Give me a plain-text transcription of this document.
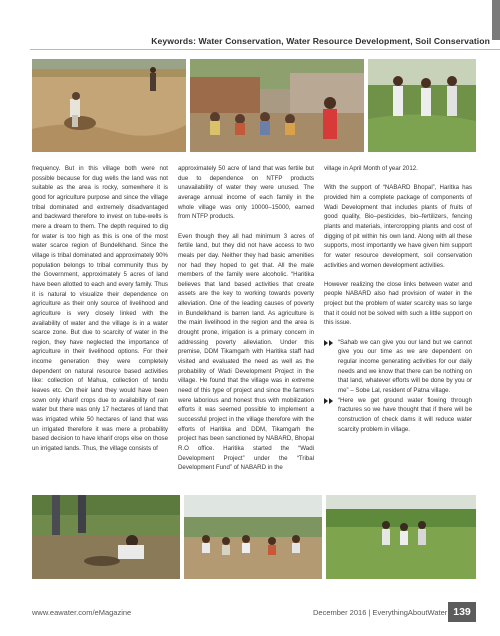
Keywords: Water Conservation, Water Resource Development, Soil Conservation

frequency. But in this village both were not possible because for dug wells the land was not suitable as the area is rocky, somewhere it is good for agriculture purpose and since the village tribal dominated and extremely disadvantaged and backward therefore to invest on tube-wells is mere a dream to them. The depth required to dig for water is too high as this is one of the most water scarce region of Bundelkhand. Since the village is tribal dominated and approximately 90% population belongs to tribal community thus by the Government, approximately 5 acres of land have been allotted to each and every family. Thus it is natural to visualize their dependence on agriculture as their only source of livelihood and agriculture is very closely linked with the availability of water and the village is in a water scarce zone. But due to scarcity of water in the region, they have neglected the importance of agriculture in their livelihood options. For their income generation they were completely dependent on natural resource based activities like: collection of Mahua, collection of tendu leaves etc. On their land they would have been sown only kharif crops due to availability of rain water but there was only 17 hectares of land that was irrigated while 50 hectares of land that was un irrigated therefore it was mere a probability based decision to have kharif crops else on those un irrigated lands. Thus, the village consists of

approximately 50 acre of land that was fertile but due to dependence on NTFP products unavailability of water they were unused. The average annual income of each family in the whole village was only 10000–15000, earned from NTFP products.

Even though they all had minimum 3 acres of fertile land, but they did not have access to two meals per day. Neither they had basic amenities nor had they hoped to get that. All the male members of the family were alcoholic. “Haritika believes that land based activities that create assets are the key to working towards poverty alleviation. One of the leading causes of poverty in Bundelkhand is barren land. As agriculture is the main livelihood in the region and the area is drought prone, irrigation is a primary concern in addressing poverty alleviation. Under this premise, DDM Tikamgarh with Haritika staff had visited and evaluated the need as well as the probability of Wadi Development Project in the village. He found that the village was in extreme need of this type of project and since the farmers were laborious and honest thus with mobilization efforts it was seemed possible to implement a successful project in the village therefore with the efforts of Haritika and DDM, Tikamgarh the project has been sanctioned by NABARD, Bhopal R.O office. Haritika started the “Wadi Development Project” under the “Tribal Development Fund” of NABARD in the

village in April Month of year 2012.

With the support of “NABARD Bhopal”, Haritka has provided him a complete package of components of Wadi Development that includes plants of fruits of good quality, Bio–pesticides, bio–fertilizers, fencing plants and materials, intercropping plants and cost of digging of pit within his own land. Along with all these supports, most importantly we have given him support for water resource development, soil conservation activities and women development activities.

However realizing the close links between water and people NABARD also had provision of water in the project but the problem of water scarcity was so large that it could not be solved with such a little support on this issue.

“Sahab we can give you our land but we cannot give you our time as we are dependent on regular income generating activities for our daily needs and we know that there can be nothing on that land, whatever efforts will be done by you or me” – Sobe Lal, resident of Patna village.
“Here we get ground water flowing through fractures so we have thought that if there will be construction of check dams it will reduce water scarcity problem in village.
www.eawater.com/eMagazine	December 2016 | EverythingAboutWater 139
